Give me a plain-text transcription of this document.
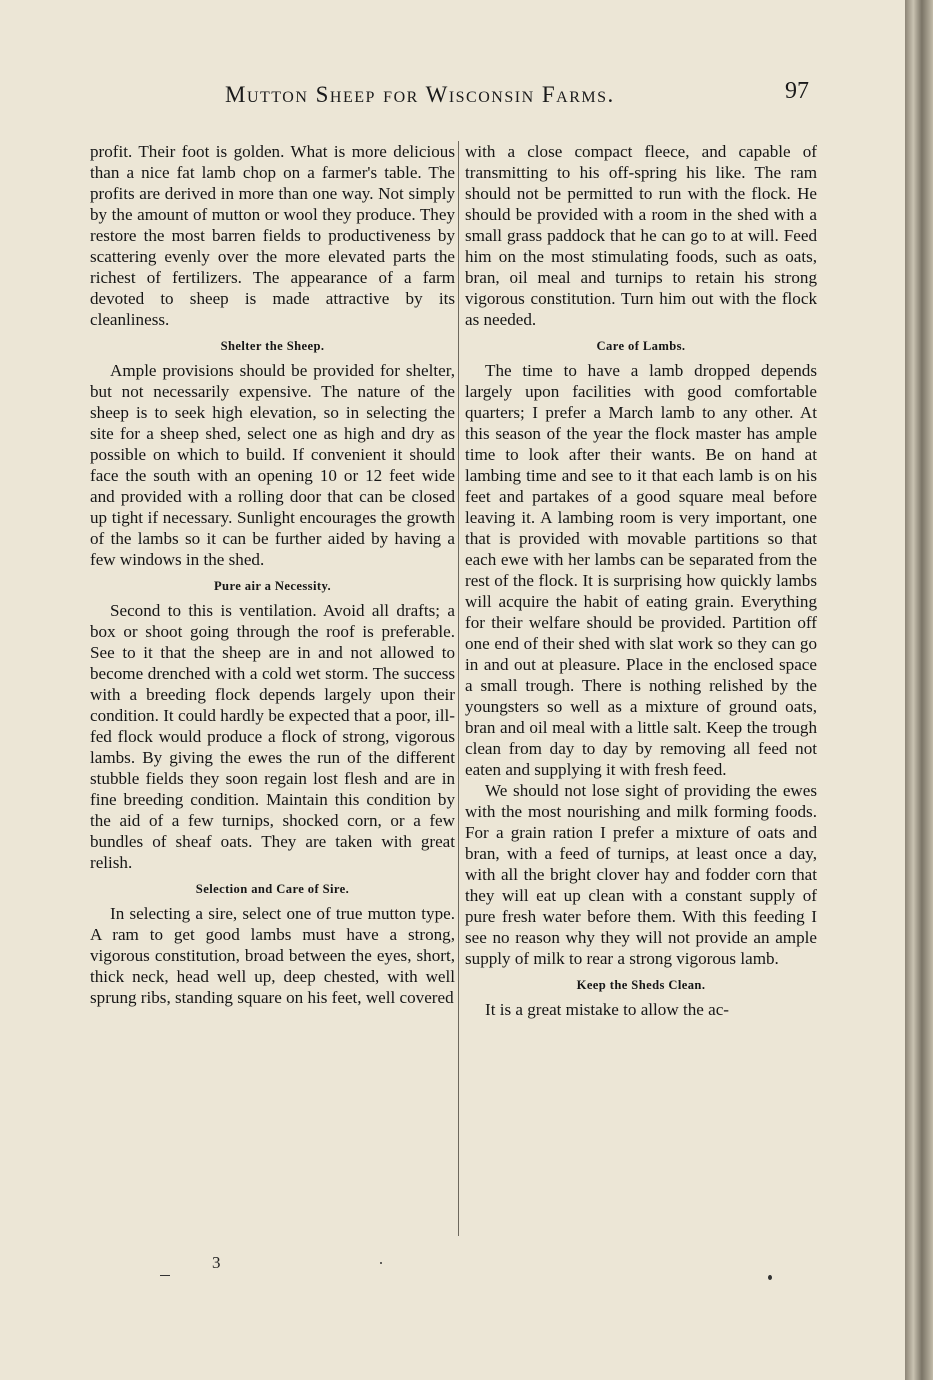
Mutton Sheep for Wisconsin Farms.	97

profit. Their foot is golden. What is more delicious than a nice fat lamb chop on a farmer's table. The profits are derived in more than one way. Not simply by the amount of mutton or wool they produce. They restore the most barren fields to productiveness by scattering evenly over the more elevated parts the richest of fertilizers. The appearance of a farm devoted to sheep is made attractive by its cleanliness.

Shelter the Sheep.

Ample provisions should be provided for shelter, but not necessarily expensive. The nature of the sheep is to seek high elevation, so in selecting the site for a sheep shed, select one as high and dry as possible on which to build. If convenient it should face the south with an opening 10 or 12 feet wide and provided with a rolling door that can be closed up tight if necessary. Sunlight encourages the growth of the lambs so it can be further aided by having a few windows in the shed.

Pure air a Necessity.

Second to this is ventilation. Avoid all drafts; a box or shoot going through the roof is preferable. See to it that the sheep are in and not allowed to become drenched with a cold wet storm. The success with a breeding flock depends largely upon their condition. It could hardly be expected that a poor, ill-fed flock would produce a flock of strong, vigorous lambs. By giving the ewes the run of the different stubble fields they soon regain lost flesh and are in fine breeding condition. Maintain this condition by the aid of a few turnips, shocked corn, or a few bundles of sheaf oats. They are taken with great relish.

Selection and Care of Sire.

In selecting a sire, select one of true mutton type. A ram to get good lambs must have a strong, vigorous constitution, broad between the eyes, short, thick neck, head well up, deep chested, with well sprung ribs, standing square on his feet, well covered

with a close compact fleece, and capable of transmitting to his off-spring his like. The ram should not be permitted to run with the flock. He should be provided with a room in the shed with a small grass paddock that he can go to at will. Feed him on the most stimulating foods, such as oats, bran, oil meal and turnips to retain his strong vigorous constitution. Turn him out with the flock as needed.

Care of Lambs.

The time to have a lamb dropped depends largely upon facilities with good comfortable quarters; I prefer a March lamb to any other. At this season of the year the flock master has ample time to look after their wants. Be on hand at lambing time and see to it that each lamb is on his feet and partakes of a good square meal before leaving it. A lambing room is very important, one that is provided with movable partitions so that each ewe with her lambs can be separated from the rest of the flock. It is surprising how quickly lambs will acquire the habit of eating grain. Everything for their welfare should be provided. Partition off one end of their shed with slat work so they can go in and out at pleasure. Place in the enclosed space a small trough. There is nothing relished by the youngsters so well as a mixture of ground oats, bran and oil meal with a little salt. Keep the trough clean from day to day by removing all feed not eaten and supplying it with fresh feed.

We should not lose sight of providing the ewes with the most nourishing and milk forming foods. For a grain ration I prefer a mixture of oats and bran, with a feed of turnips, at least once a day, with all the bright clover hay and fodder corn that they will eat up clean with a constant supply of pure fresh water before them. With this feeding I see no reason why they will not provide an ample supply of milk to rear a strong vigorous lamb.

Keep the Sheds Clean.

It is a great mistake to allow the ac-

3
